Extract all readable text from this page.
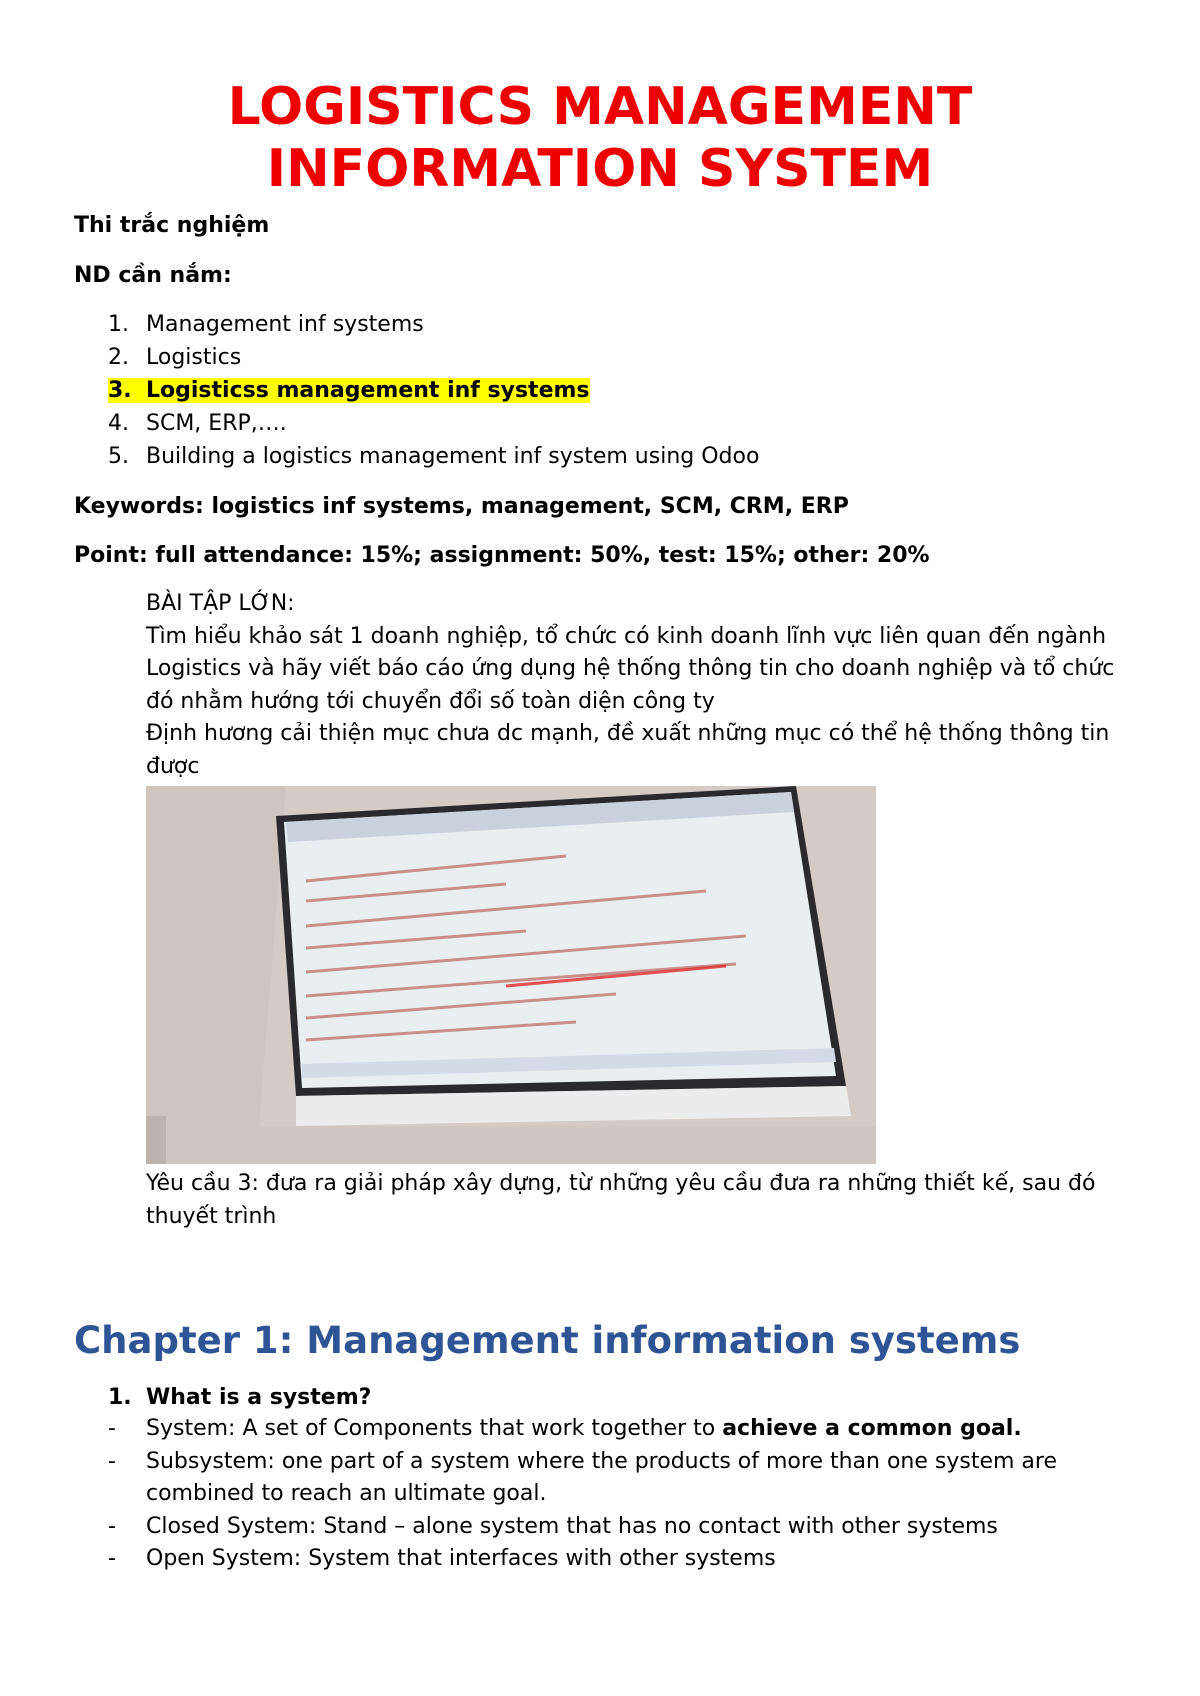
LOGISTICS MANAGEMENT
INFORMATION SYSTEM

Thi trắc nghiệm

ND cần nắm:

1. Management inf systems
2. Logistics
3. Logisticss management inf systems
4. SCM, ERP,….
5. Building a logistics management inf system using Odoo

Keywords: logistics inf systems, management, SCM, CRM, ERP

Point: full attendance: 15%; assignment: 50%, test: 15%; other: 20%

BÀI TẬP LỚN:

Tìm hiểu khảo sát 1 doanh nghiệp, tổ chức có kinh doanh lĩnh vực liên quan đến ngành Logistics và hãy viết báo cáo ứng dụng hệ thống thông tin cho doanh nghiệp và tổ chức đó nhằm hướng tới chuyển đổi số toàn diện công ty

Định hương cải thiện mục chưa dc mạnh, đề xuất những mục có thể hệ thống thông tin được

Yêu cầu 3: đưa ra giải pháp xây dựng, từ những yêu cầu đưa ra những thiết kế, sau đó thuyết trình

Chapter 1: Management information systems

1. What is a system?

- System: A set of Components that work together to achieve a common goal.
- Subsystem: one part of a system where the products of more than one system are combined to reach an ultimate goal.
- Closed System: Stand – alone system that has no contact with other systems
- Open System: System that interfaces with other systems
